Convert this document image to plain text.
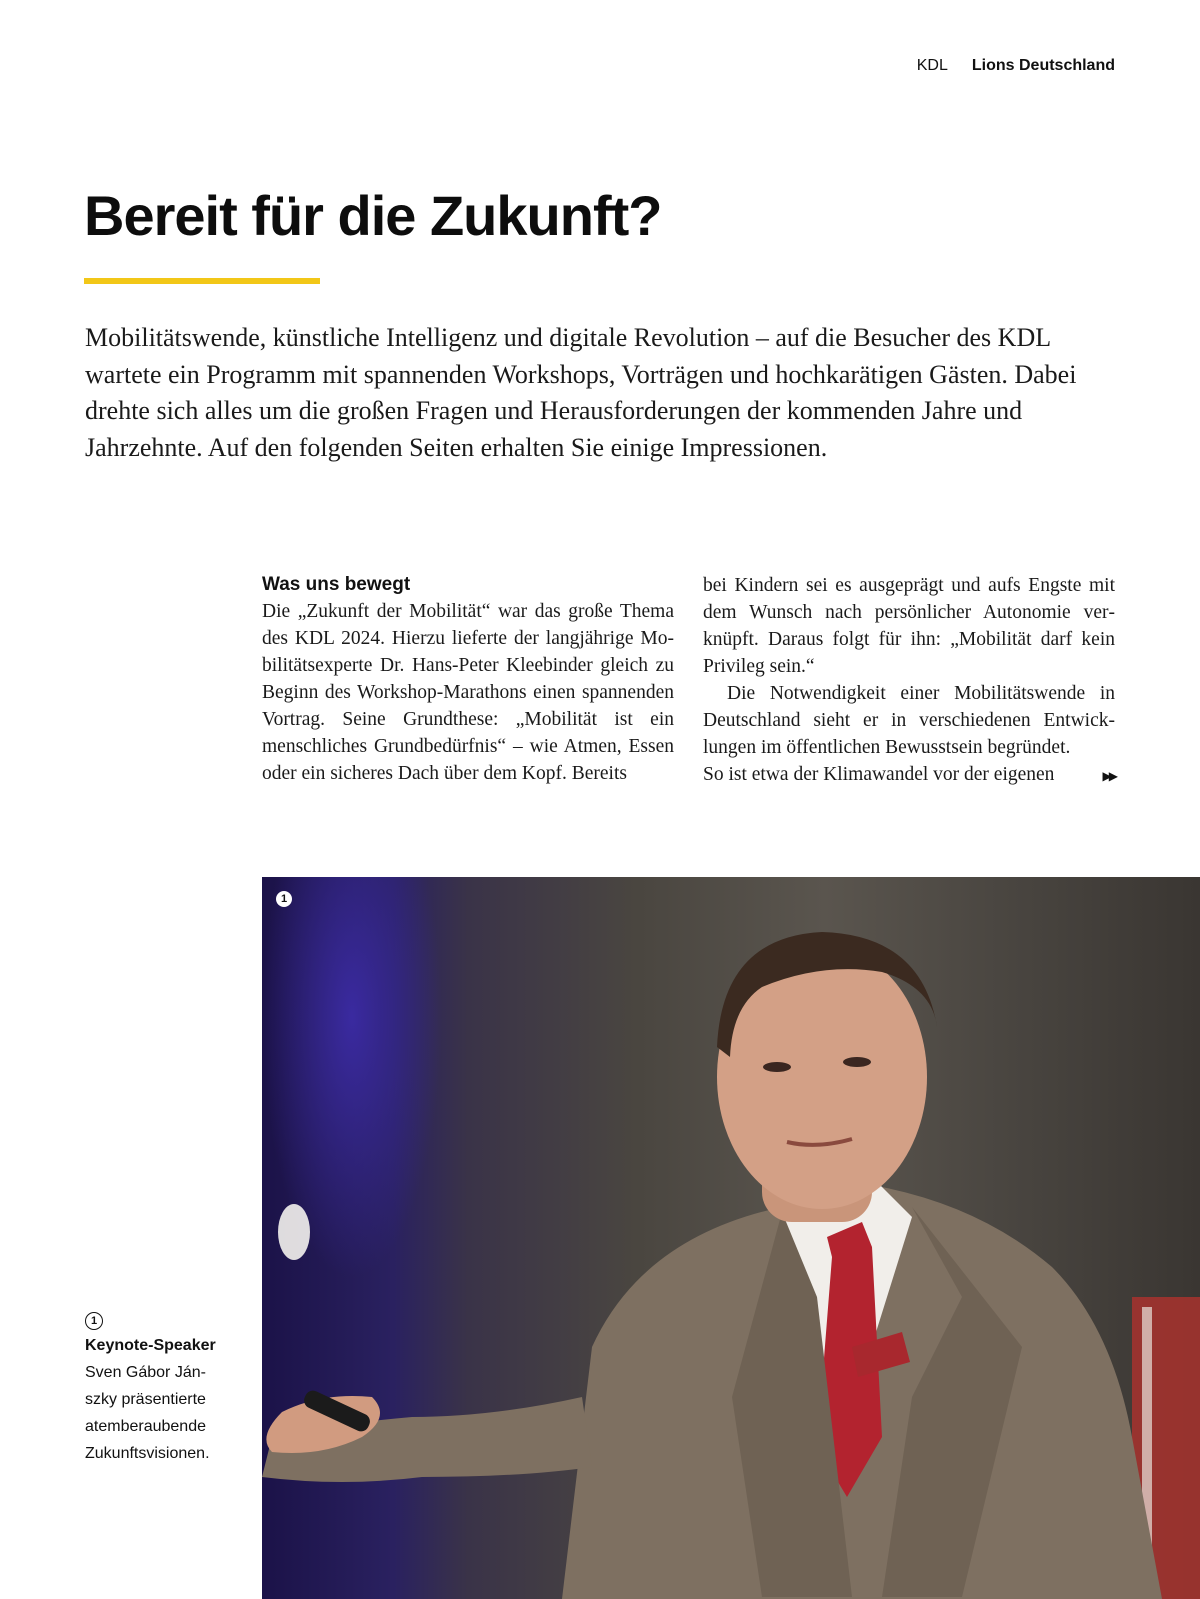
KDL Lions Deutschland
Bereit für die Zukunft?

Mobilitätswende, künstliche Intelligenz und digitale Revolution – auf die Besucher des KDL wartete ein Programm mit spannenden Workshops, Vorträgen und hochkarätigen Gästen. Dabei drehte sich alles um die großen Fragen und Herausforderungen der kommenden Jahre und Jahrzehnte. Auf den folgenden Seiten erhalten Sie einige Impressionen.

Was uns bewegt

Die „Zukunft der Mobilität“ war das große Thema des KDL 2024. Hierzu lieferte der langjährige Mobilitätsexperte Dr. Hans-Peter Kleebinder gleich zu Beginn des Workshop-Marathons einen spannenden Vortrag. Seine Grundthese: „Mobilität ist ein menschliches Grundbedürfnis“ – wie Atmen, Essen oder ein sicheres Dach über dem Kopf. Bereits

bei Kindern sei es ausgeprägt und aufs Engste mit dem Wunsch nach persönlicher Autonomie verknüpft. Daraus folgt für ihn: „Mobilität darf kein Privileg sein.“

Die Notwendigkeit einer Mobilitätswende in Deutschland sieht er in verschiedenen Entwicklungen im öffentlichen Bewusstsein begründet.

So ist etwa der Klimawandel vor der eigenen	▶▶
1
1
Keynote-Speaker
Sven Gábor Ján-
szky präsentierte
atemberaubende
Zukunftsvisionen.
